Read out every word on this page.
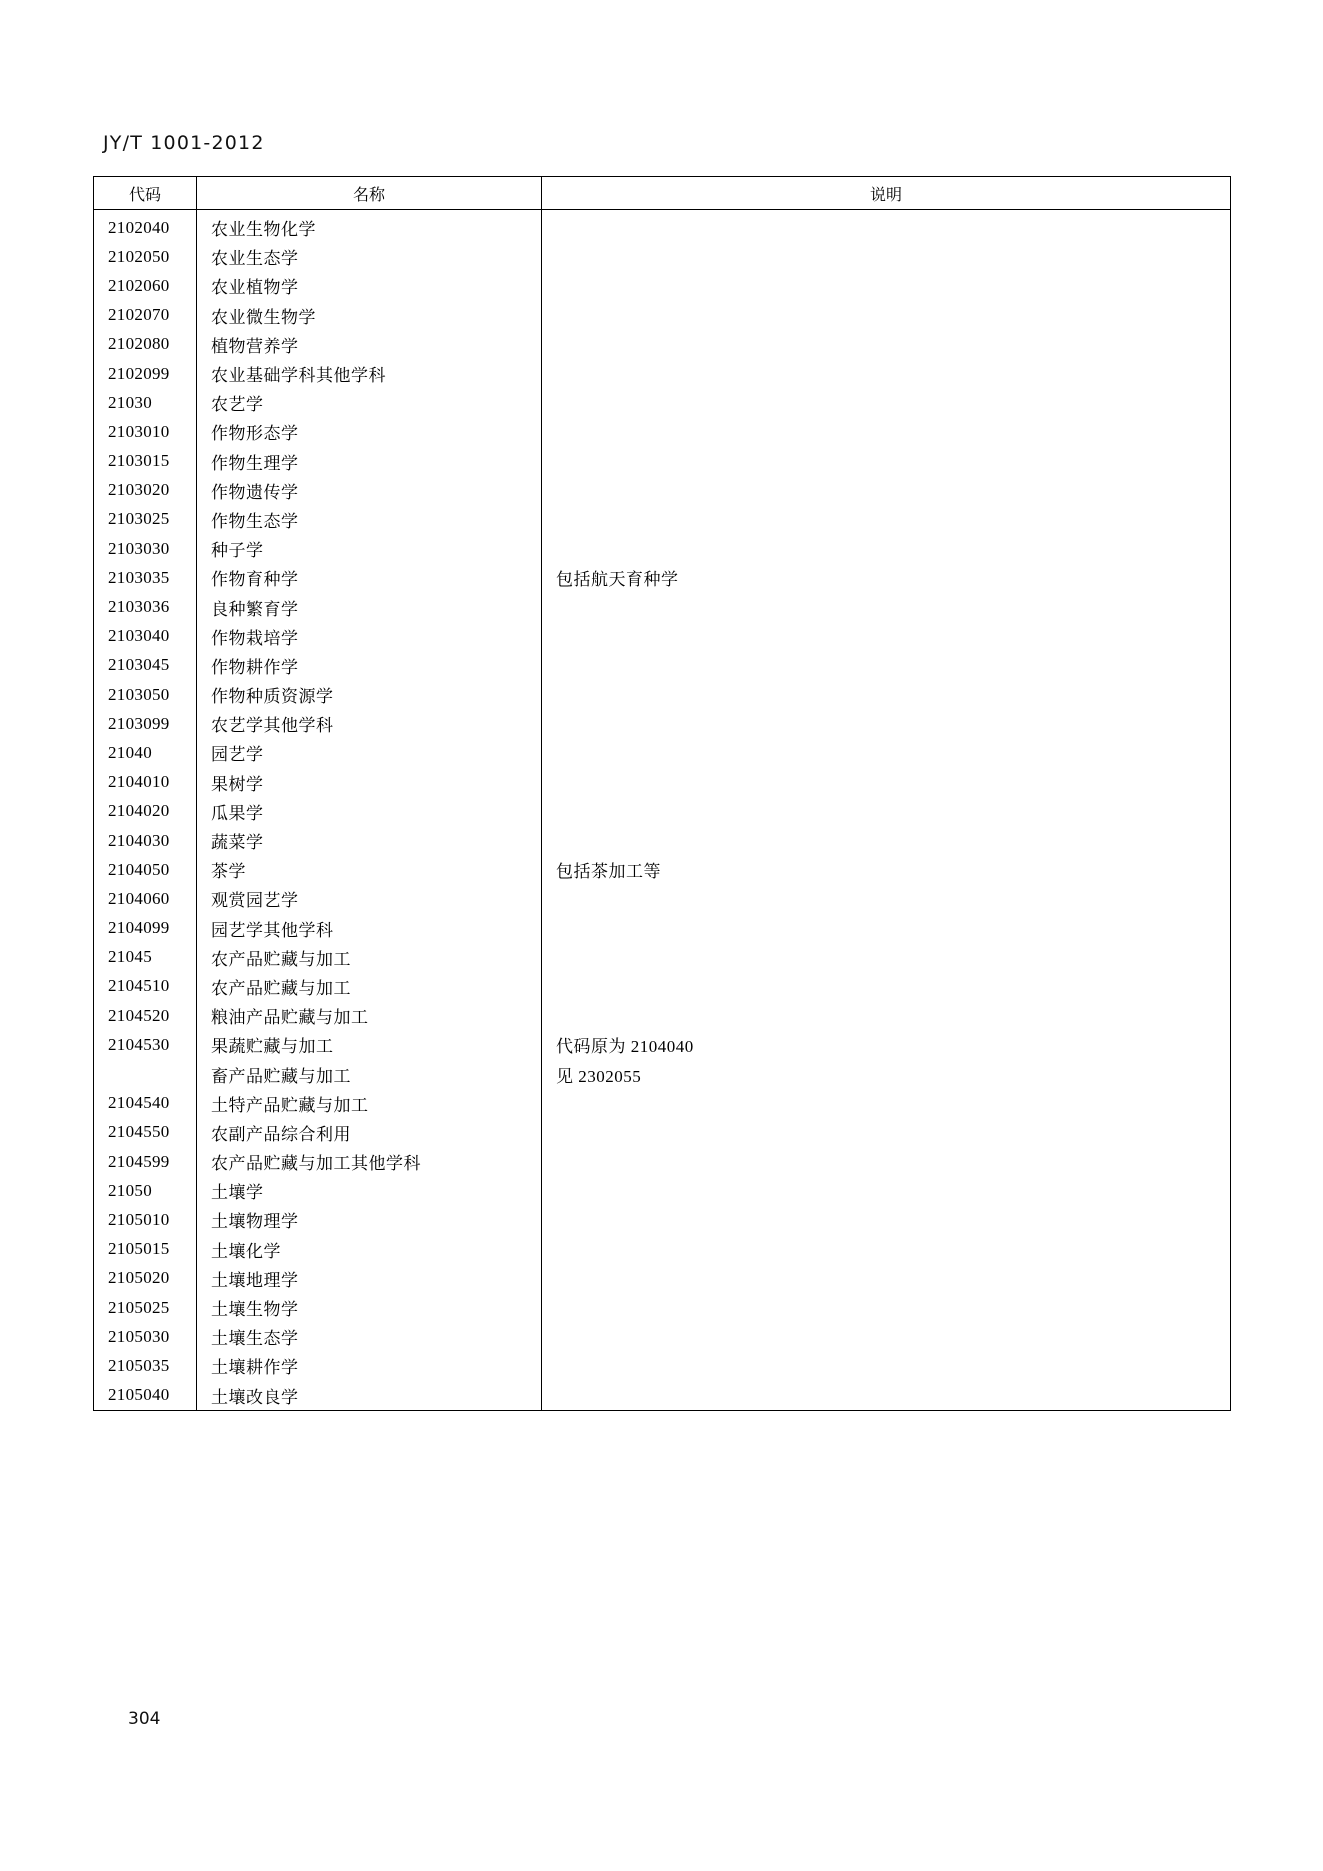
JY/T 1001-2012
代码	名称	说明
2102040	农业生物化学	
2102050	农业生态学	
2102060	农业植物学	
2102070	农业微生物学	
2102080	植物营养学	
2102099	农业基础学科其他学科	
21030	农艺学	
2103010	作物形态学	
2103015	作物生理学	
2103020	作物遗传学	
2103025	作物生态学	
2103030	种子学	
2103035	作物育种学	包括航天育种学
2103036	良种繁育学	
2103040	作物栽培学	
2103045	作物耕作学	
2103050	作物种质资源学	
2103099	农艺学其他学科	
21040	园艺学	
2104010	果树学	
2104020	瓜果学	
2104030	蔬菜学	
2104050	茶学	包括茶加工等
2104060	观赏园艺学	
2104099	园艺学其他学科	
21045	农产品贮藏与加工	
2104510	农产品贮藏与加工	
2104520	粮油产品贮藏与加工	
2104530	果蔬贮藏与加工	代码原为 2104040
	畜产品贮藏与加工	见 2302055
2104540	土特产品贮藏与加工	
2104550	农副产品综合利用	
2104599	农产品贮藏与加工其他学科	
21050	土壤学	
2105010	土壤物理学	
2105015	土壤化学	
2105020	土壤地理学	
2105025	土壤生物学	
2105030	土壤生态学	
2105035	土壤耕作学	
2105040	土壤改良学	
304
